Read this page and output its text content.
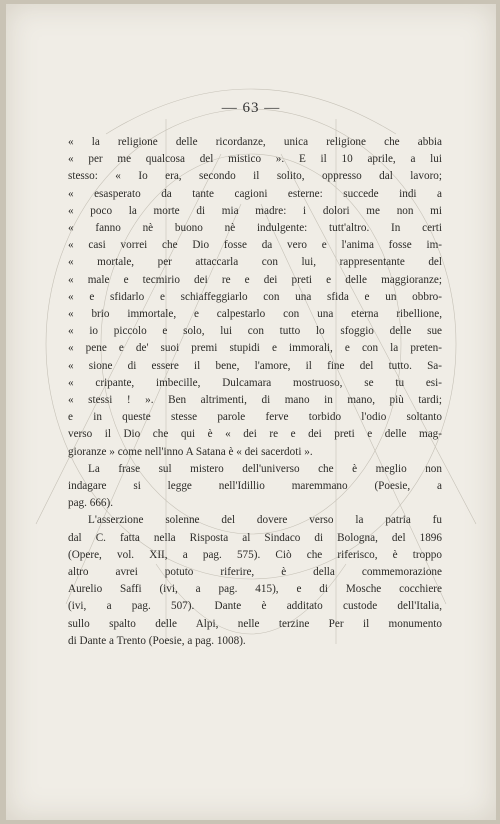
— 63 —
« la religione delle ricordanze, unica religione che abbia
« per me qualcosa del mistico ». E il 10 aprile, a lui
stesso: « Io era, secondo il solito, oppresso dal lavoro;
« esasperato da tante cagioni esterne: succede indi a
« poco la morte di mia madre: i dolori me non mi
« fanno nè buono nè indulgente: tutt'altro. In certi
« casi vorrei che Dio fosse da vero e l'anima fosse im-
« mortale, per attaccarla con lui, rappresentante del
« male e tecmirio dei re e dei preti e delle maggioranze;
« e sfidarlo e schiaffeggiarlo con una sfida e un obbro-
« brio immortale, e calpestarlo con una eterna ribellione,
« io piccolo e solo, lui con tutto lo sfoggio delle sue
« pene e de' suoi premi stupidi e immorali, e con la preten-
« sione di essere il bene, l'amore, il fine del tutto. Sa-
« cripante, imbecille, Dulcamara mostruoso, se tu esi-
« stessi ! ». Ben altrimenti, di mano in mano, più tardi;
e in queste stesse parole ferve torbido l'odio soltanto
verso il Dio che qui è « dei re e dei preti e delle mag-
gioranze » come nell'inno A Satana è « dei sacerdoti ».
La frase sul mistero dell'universo che è meglio non
indagare si legge nell'Idillio maremmano (Poesie, a
pag. 666).
L'asserzione solenne del dovere verso la patria fu
dal C. fatta nella Risposta al Sindaco di Bologna, del 1896
(Opere, vol. XII, a pag. 575). Ciò che riferisco, è troppo
altro avrei potuto riferire, è della commemorazione
Aurelio Saffi (ivi, a pag. 415), e di Mosche cocchiere
(ivi, a pag. 507). Dante è additato custode dell'Italia,
sullo spalto delle Alpi, nelle terzine Per il monumento
di Dante a Trento (Poesie, a pag. 1008).
